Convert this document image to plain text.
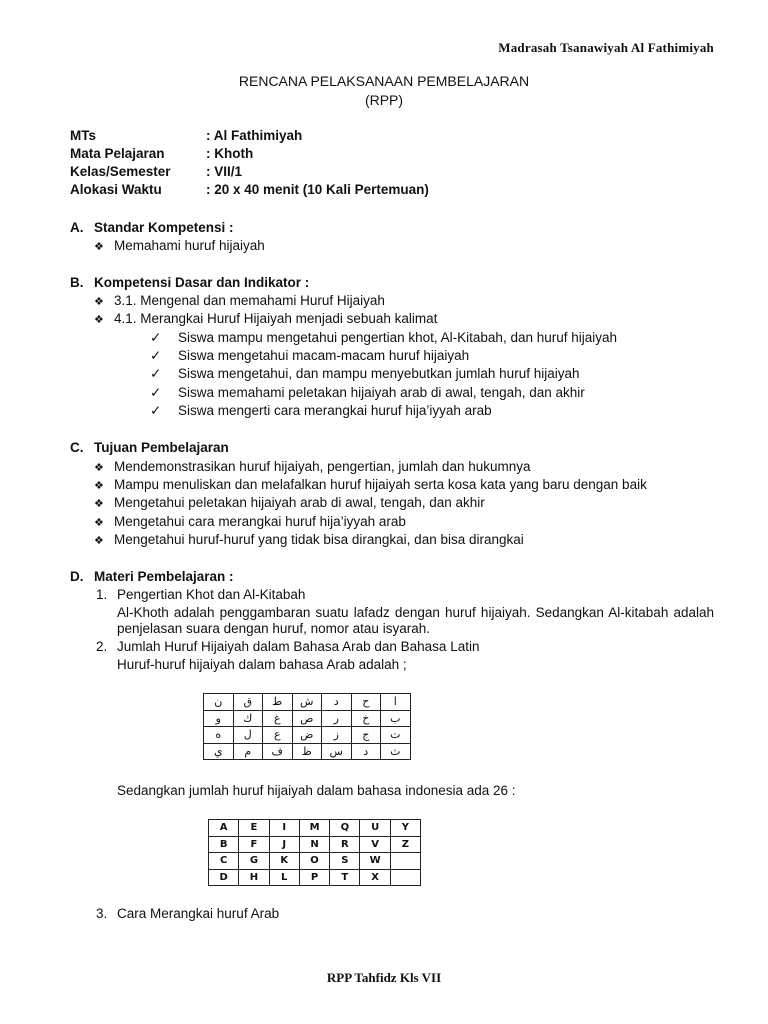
Madrasah Tsanawiyah Al Fathimiyah
RENCANA PELAKSANAAN PEMBELAJARAN
(RPP)
MTs	: Al Fathimiyah
Mata Pelajaran	: Khoth
Kelas/Semester	: VII/1
Alokasi Waktu	: 20 x 40 menit (10 Kali Pertemuan)
A. Standar Kompetensi :
❖ Memahami huruf hijaiyah
B. Kompetensi Dasar dan Indikator :
❖ 3.1. Mengenal dan memahami Huruf Hijaiyah
❖ 4.1. Merangkai Huruf Hijaiyah menjadi sebuah kalimat
✓ Siswa mampu mengetahui pengertian khot, Al-Kitabah, dan huruf hijaiyah
✓ Siswa mengetahui macam-macam huruf hijaiyah
✓ Siswa mengetahui, dan mampu menyebutkan jumlah huruf hijaiyah
✓ Siswa memahami peletakan hijaiyah arab di awal, tengah, dan akhir
✓ Siswa mengerti cara merangkai huruf hija’iyyah arab
C. Tujuan Pembelajaran
❖ Mendemonstrasikan huruf hijaiyah, pengertian, jumlah dan hukumnya
❖ Mampu menuliskan dan melafalkan huruf hijaiyah serta kosa kata yang baru dengan baik
❖ Mengetahui peletakan hijaiyah arab di awal, tengah, dan akhir
❖ Mengetahui cara merangkai huruf hija’iyyah arab
❖ Mengetahui huruf-huruf yang tidak bisa dirangkai, dan bisa dirangkai
D. Materi Pembelajaran :
1. Pengertian Khot dan Al-Kitabah
Al-Khoth adalah penggambaran suatu lafadz dengan huruf hijaiyah. Sedangkan Al-kitabah adalah penjelasan suara dengan huruf, nomor atau isyarah.
2. Jumlah Huruf Hijaiyah dalam Bahasa Arab dan Bahasa Latin
Huruf-huruf hijaiyah dalam bahasa Arab adalah ;
ن	ق	ط	ش	د	ح	ا
و	ك	غ	ص	ر	خ	ب
ه	ل	ع	ض	ز	ج	ت
ي	م	ف	ظ	س	د	ث
Sedangkan jumlah huruf hijaiyah dalam bahasa indonesia ada 26 :
A	E	I	M	Q	U	Y
B	F	J	N	R	V	Z
C	G	K	O	S	W	
D	H	L	P	T	X	
3. Cara Merangkai huruf Arab
RPP Tahfidz Kls VII
